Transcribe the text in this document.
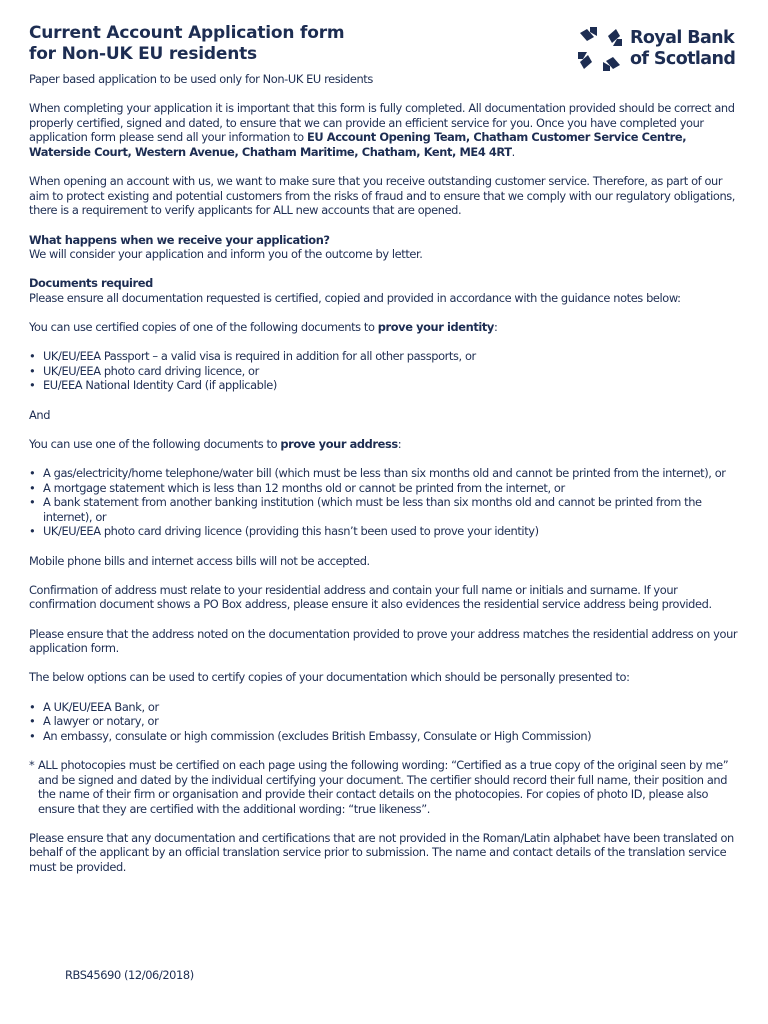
Current Account Application form
for Non-UK EU residents
Royal Bank
of Scotland

Paper based application to be used only for Non-UK EU residents

When completing your application it is important that this form is fully completed. All documentation provided should be correct and properly certified, signed and dated, to ensure that we can provide an efficient service for you. Once you have completed your application form please send all your information to EU Account Opening Team, Chatham Customer Service Centre, Waterside Court, Western Avenue, Chatham Maritime, Chatham, Kent, ME4 4RT.

When opening an account with us, we want to make sure that you receive outstanding customer service. Therefore, as part of our aim to protect existing and potential customers from the risks of fraud and to ensure that we comply with our regulatory obligations, there is a requirement to verify applicants for ALL new accounts that are opened.

What happens when we receive your application?

We will consider your application and inform you of the outcome by letter.

Documents required

Please ensure all documentation requested is certified, copied and provided in accordance with the guidance notes below:

You can use certified copies of one of the following documents to prove your identity:

• UK/EU/EEA Passport – a valid visa is required in addition for all other passports, or
• UK/EU/EEA photo card driving licence, or
• EU/EEA National Identity Card (if applicable)

And

You can use one of the following documents to prove your address:

• A gas/electricity/home telephone/water bill (which must be less than six months old and cannot be printed from the internet), or
• A mortgage statement which is less than 12 months old or cannot be printed from the internet, or
• A bank statement from another banking institution (which must be less than six months old and cannot be printed from the internet), or
• UK/EU/EEA photo card driving licence (providing this hasn’t been used to prove your identity)

Mobile phone bills and internet access bills will not be accepted.

Confirmation of address must relate to your residential address and contain your full name or initials and surname. If your confirmation document shows a PO Box address, please ensure it also evidences the residential service address being provided.

Please ensure that the address noted on the documentation provided to prove your address matches the residential address on your application form.

The below options can be used to certify copies of your documentation which should be personally presented to:

• A UK/EU/EEA Bank, or
• A lawyer or notary, or
• An embassy, consulate or high commission (excludes British Embassy, Consulate or High Commission)
* ALL photocopies must be certified on each page using the following wording: “Certified as a true copy of the original seen by me” and be signed and dated by the individual certifying your document. The certifier should record their full name, their position and the name of their firm or organisation and provide their contact details on the photocopies. For copies of photo ID, please also ensure that they are certified with the additional wording: “true likeness”.

Please ensure that any documentation and certifications that are not provided in the Roman/Latin alphabet have been translated on behalf of the applicant by an official translation service prior to submission. The name and contact details of the translation service must be provided.

RBS45690 (12/06/2018)
